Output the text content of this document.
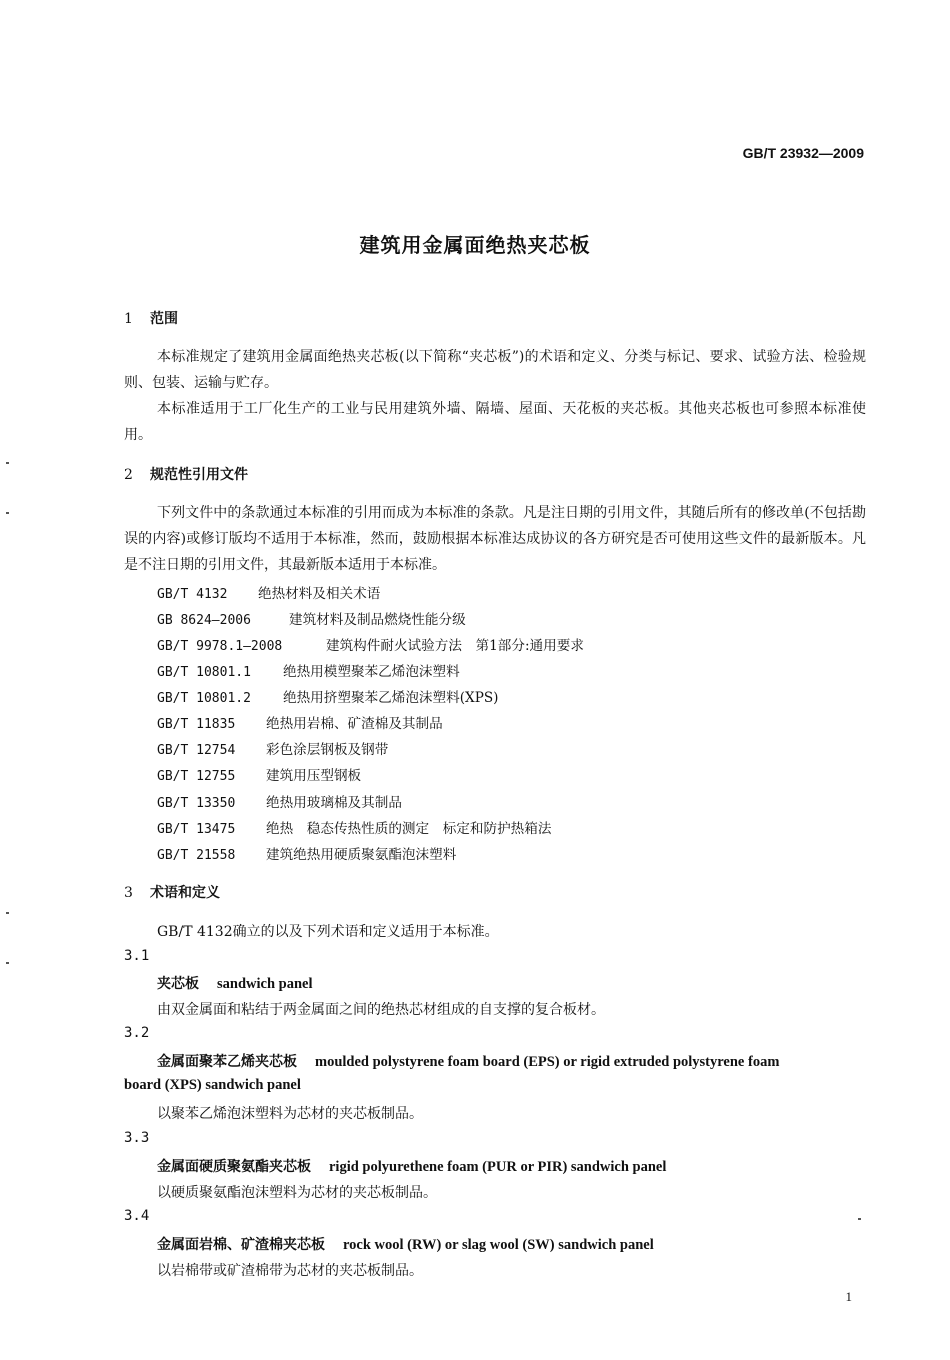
GB/T 23932—2009
建筑用金属面绝热夹芯板
1 范围

本标准规定了建筑用金属面绝热夹芯板(以下简称“夹芯板”)的术语和定义、分类与标记、要求、试验方法、检验规则、包装、运输与贮存。

本标准适用于工厂化生产的工业与民用建筑外墙、隔墙、屋面、天花板的夹芯板。其他夹芯板也可参照本标准使用。

2 规范性引用文件

下列文件中的条款通过本标准的引用而成为本标准的条款。凡是注日期的引用文件，其随后所有的修改单(不包括勘误的内容)或修订版均不适用于本标准，然而，鼓励根据本标准达成协议的各方研究是否可使用这些文件的最新版本。凡是不注日期的引用文件，其最新版本适用于本标准。

GB/T 4132 绝热材料及相关术语
GB 8624—2006	建筑材料及制品燃烧性能分级
GB/T 9978.1—2008	建筑构件耐火试验方法　第1部分:通用要求
GB/T 10801.1 绝热用模塑聚苯乙烯泡沫塑料
GB/T 10801.2 绝热用挤塑聚苯乙烯泡沫塑料(XPS)
GB/T 11835 绝热用岩棉、矿渣棉及其制品
GB/T 12754 彩色涂层钢板及钢带
GB/T 12755 建筑用压型钢板
GB/T 13350 绝热用玻璃棉及其制品
GB/T 13475 绝热　稳态传热性质的测定　标定和防护热箱法
GB/T 21558 建筑绝热用硬质聚氨酯泡沫塑料
3 术语和定义
GB/T 4132确立的以及下列术语和定义适用于本标准。
3.1
夹芯板 sandwich panel
由双金属面和粘结于两金属面之间的绝热芯材组成的自支撑的复合板材。
3.2
金属面聚苯乙烯夹芯板 moulded polystyrene foam board (EPS) or rigid extruded polystyrene foam
board (XPS) sandwich panel
以聚苯乙烯泡沫塑料为芯材的夹芯板制品。
3.3
金属面硬质聚氨酯夹芯板 rigid polyurethene foam (PUR or PIR) sandwich panel
以硬质聚氨酯泡沫塑料为芯材的夹芯板制品。
3.4
金属面岩棉、矿渣棉夹芯板 rock wool (RW) or slag wool (SW) sandwich panel
以岩棉带或矿渣棉带为芯材的夹芯板制品。
1
